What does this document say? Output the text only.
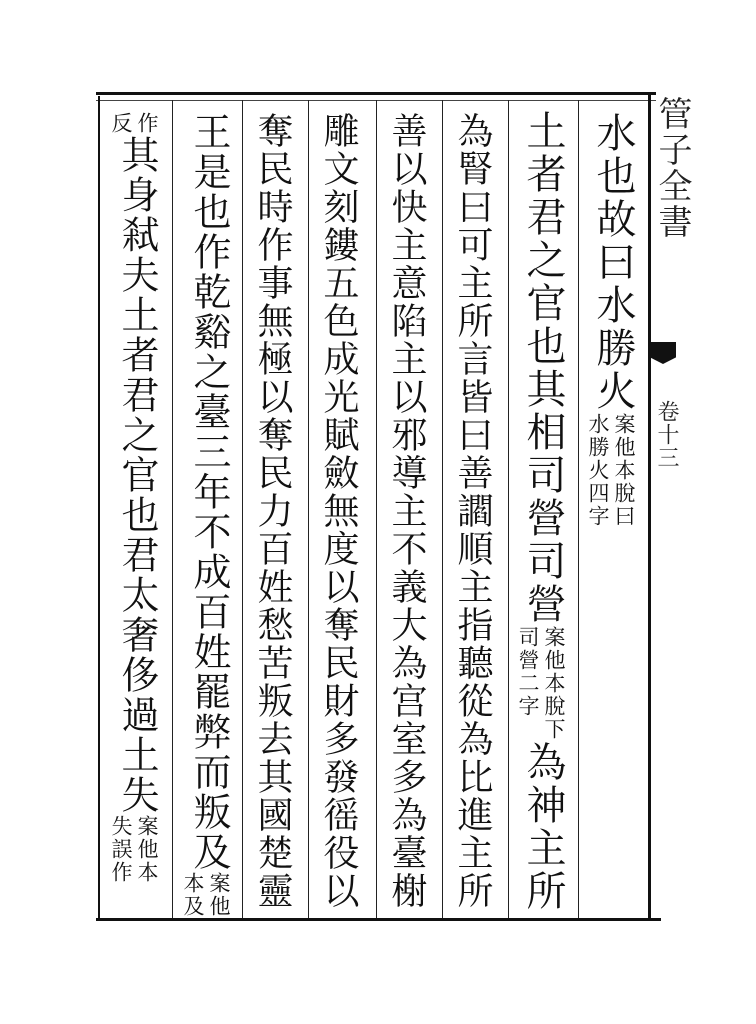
管子全書
卷十三
水也故曰水勝火
案他本脫曰
水勝火四字
土者君之官也其相司營司營
案他本脫下
司營二字
為神主所
為腎曰可主所言皆曰善讇順主指聽從為比進主所
善以快主意陷主以邪導主不義大為宫室多為臺榭
雕文刻鏤五色成光賦斂無度以奪民財多發徭役以
奪民時作事無極以奪民力百姓愁苦叛去其國楚靈
王是也作乾谿之臺三年不成百姓罷弊而叛及
案他
本及
作
反
其身弒夫土者君之官也君太奢侈過土失
案他本
失誤作
